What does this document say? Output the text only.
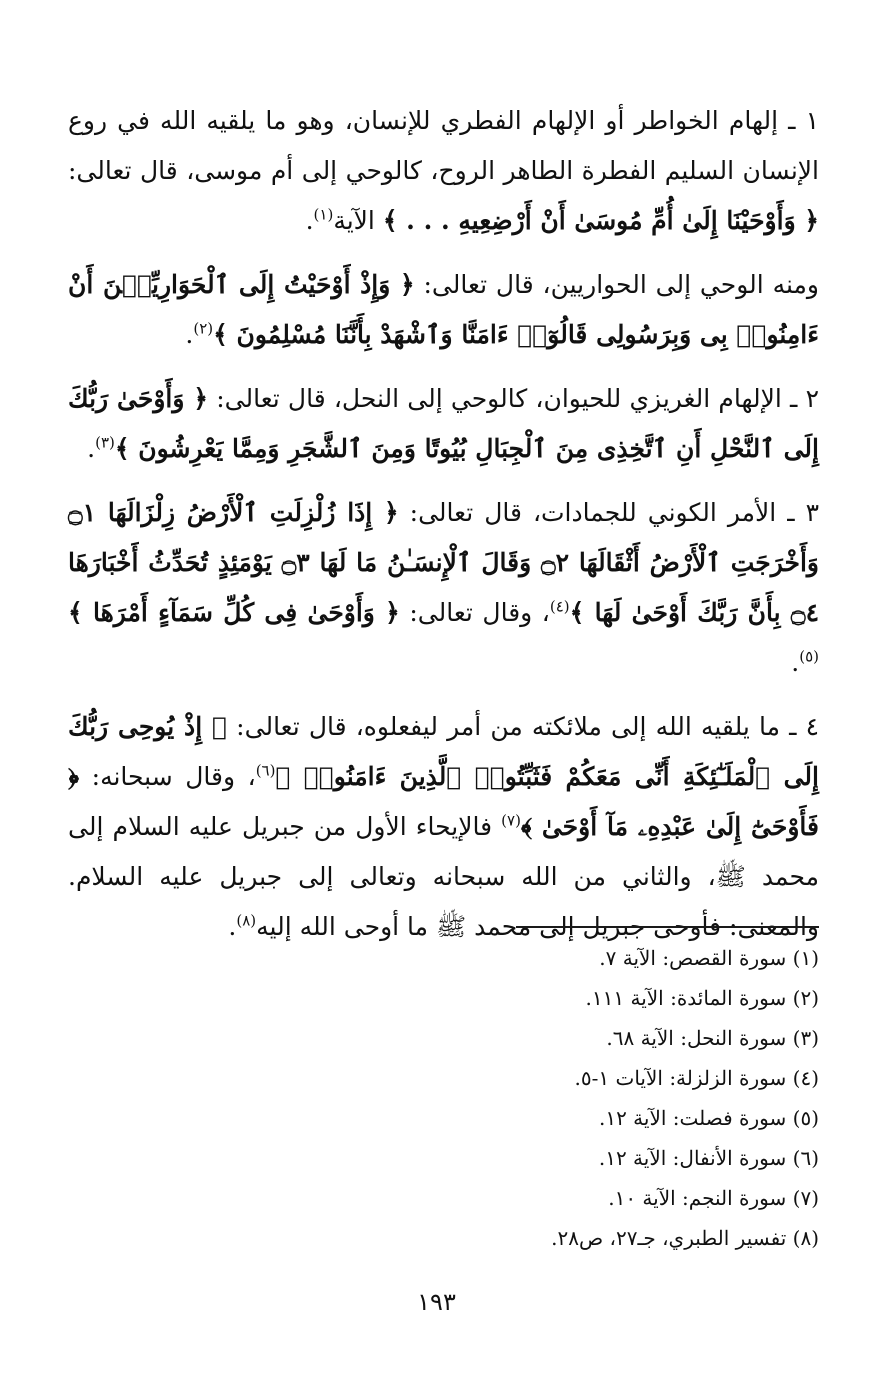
١ ـ إلهام الخواطر أو الإلهام الفطري للإنسان، وهو ما يلقيه الله في روع الإنسان السليم الفطرة الطاهر الروح، كالوحي إلى أم موسى، قال تعالى: ﴿ وَأَوْحَيْنَا إِلَىٰ أُمِّ مُوسَىٰ أَنْ أَرْضِعِيهِ . . . ﴾ الآية$^{(١)}$.

ومنه الوحي إلى الحواريين، قال تعالى: ﴿ وَإِذْ أَوْحَيْتُ إِلَى ٱلْحَوَارِيِّـۧنَ أَنْ ءَامِنُوا۟ بِى وَبِرَسُولِى قَالُوٓا۟ ءَامَنَّا وَٱشْهَدْ بِأَنَّنَا مُسْلِمُونَ ﴾$^{(٢)}$.

٢ ـ الإلهام الغريزي للحيوان، كالوحي إلى النحل، قال تعالى: ﴿ وَأَوْحَىٰ رَبُّكَ إِلَى ٱلنَّحْلِ أَنِ ٱتَّخِذِى مِنَ ٱلْجِبَالِ بُيُوتًا وَمِنَ ٱلشَّجَرِ وَمِمَّا يَعْرِشُونَ ﴾$^{(٣)}$.

٣ ـ الأمر الكوني للجمادات، قال تعالى: ﴿ إِذَا زُلْزِلَتِ ٱلْأَرْضُ زِلْزَالَهَا ۝١ وَأَخْرَجَتِ ٱلْأَرْضُ أَثْقَالَهَا ۝٢ وَقَالَ ٱلْإِنسَـٰنُ مَا لَهَا ۝٣ يَوْمَئِذٍ تُحَدِّثُ أَخْبَارَهَا ۝٤ بِأَنَّ رَبَّكَ أَوْحَىٰ لَهَا ﴾$^{(٤)}$، وقال تعالى: ﴿ وَأَوْحَىٰ فِى كُلِّ سَمَآءٍ أَمْرَهَا ﴾$^{(٥)}$.

٤ ـ ما يلقيه الله إلى ملائكته من أمر ليفعلوه، قال تعالى: ﴿ إِذْ يُوحِى رَبُّكَ إِلَى ٱلْمَلَـٰٓئِكَةِ أَنِّى مَعَكُمْ فَثَبِّتُوا۟ ٱلَّذِينَ ءَامَنُوا۟ ﴾$^{(٦)}$، وقال سبحانه: ﴿ فَأَوْحَىٰٓ إِلَىٰ عَبْدِهِۦ مَآ أَوْحَىٰ ﴾$^{(٧)}$ فالإيحاء الأول من جبريل عليه السلام إلى محمد ﷺ، والثاني من الله سبحانه وتعالى إلى جبريل عليه السلام. والمعنى: فأوحى جبريل إلى محمد ﷺ ما أوحى الله إليه$^{(٨)}$.

(١) سورة القصص: الآية ٧.
(٢) سورة المائدة: الآية ١١١.
(٣) سورة النحل: الآية ٦٨.
(٤) سورة الزلزلة: الآيات ١-٥.
(٥) سورة فصلت: الآية ١٢.
(٦) سورة الأنفال: الآية ١٢.
(٧) سورة النجم: الآية ١٠.
(٨) تفسير الطبري، جـ٢٧، ص٢٨.
١٩٣
